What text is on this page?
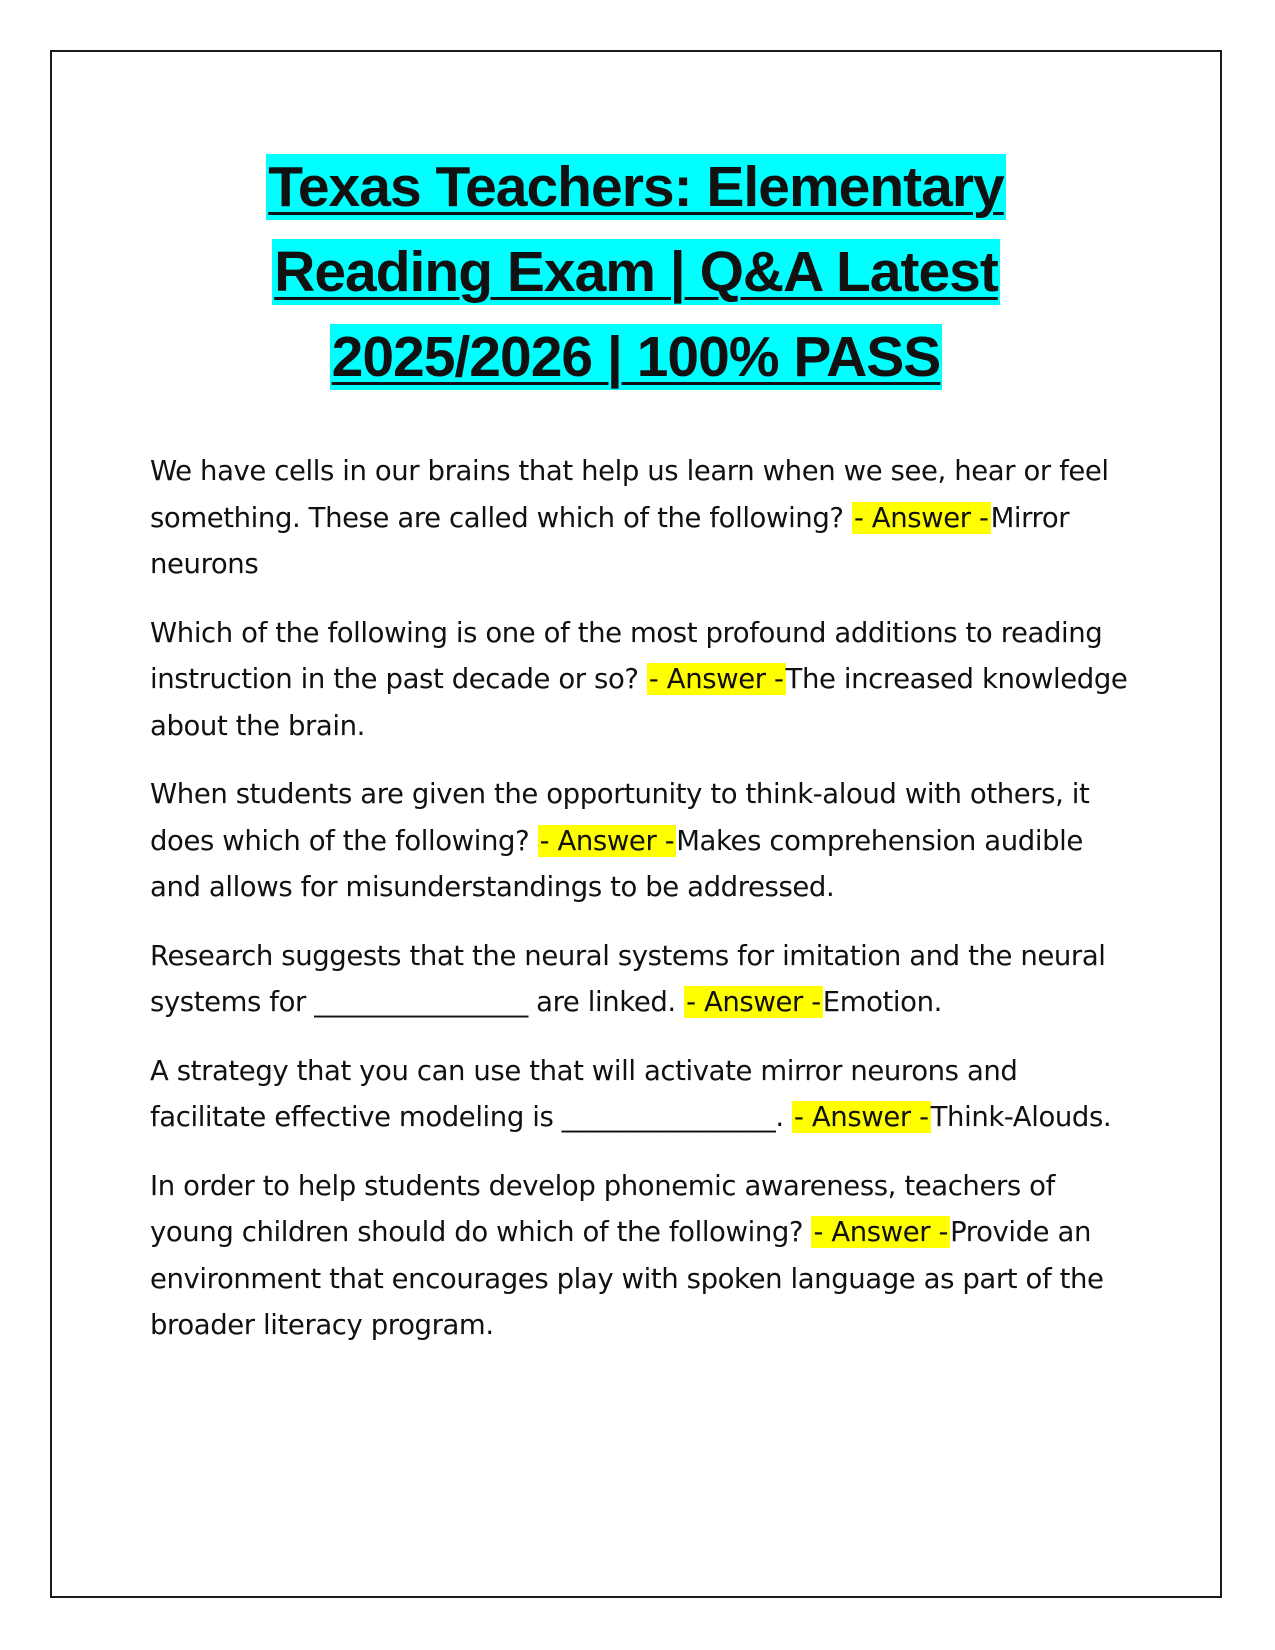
Texas Teachers: Elementary
Reading Exam | Q&A Latest
2025/2026 | 100% PASS

We have cells in our brains that help us learn when we see, hear or feel something. These are called which of the following? - Answer -Mirror neurons

Which of the following is one of the most profound additions to reading instruction in the past decade or so? - Answer -The increased knowledge about the brain.

When students are given the opportunity to think-aloud with others, it does which of the following? - Answer -Makes comprehension audible and allows for misunderstandings to be addressed.

Research suggests that the neural systems for imitation and the neural systems for ________________ are linked. - Answer -Emotion.

A strategy that you can use that will activate mirror neurons and facilitate effective modeling is ________________. - Answer -Think-Alouds.

In order to help students develop phonemic awareness, teachers of young children should do which of the following? - Answer -Provide an environment that encourages play with spoken language as part of the broader literacy program.
